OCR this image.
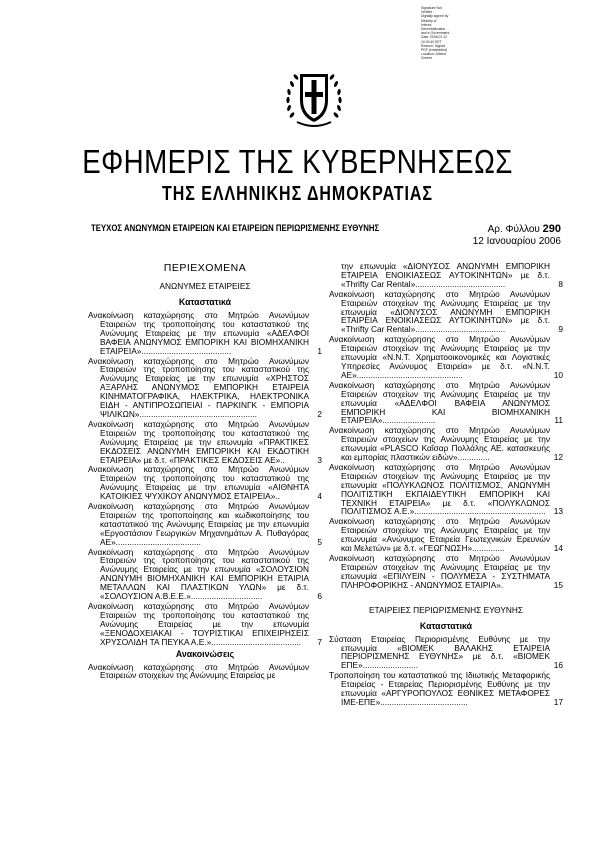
Signature Not
Verified
Digitally signed by
Ministry of
Interior,
Decentralization
and e-Government
Date: 2006.01.12
10:34:40 EET
Reason: Signed
PDF (embedded)
Location: Athens
Greece
ΕΦΗΜΕΡΙΣ ΤΗΣ ΚΥΒΕΡΝΗΣΕΩΣ
ΤΗΣ ΕΛΛΗΝΙΚΗΣ ΔΗΜΟΚΡΑΤΙΑΣ
ΤΕΥΧΟΣ ΑΝΩΝΥΜΩΝ ΕΤΑΙΡΕΙΩΝ ΚΑΙ ΕΤΑΙΡΕΙΩΝ ΠΕΡΙΩΡΙΣΜΕΝΗΣ ΕΥΘΥΝΗΣ	Αρ. Φύλλου 290
12 Ιανουαρίου 2006
ΠΕΡΙΕΧΟΜΕΝΑ
ΑΝΩΝΥΜΕΣ ΕΤΑΙΡΕΙΕΣ
Καταστατικά
Ανακοίνωση καταχώρησης στο Μητρώο Ανωνύμων Εταιρειών της τροποποίησης του καταστατικού της Ανώνυμης Εταιρείας με την επωνυμία «ΑΔΕΛΦΟΙ ΒΑΦΕΙΑ ΑΝΩΝΥΜΟΣ ΕΜΠΟΡΙΚΗ ΚΑΙ ΒΙΟΜΗΧΑΝΙΚΗ ΕΤΑΙΡΕΙΑ».......................................	1
Ανακοίνωση καταχώρησης στο Μητρώο Ανωνύμων Εταιρειών της τροποποίησης του καταστατικού της Ανώνυμης Εταιρείας με την επωνυμία «ΧΡΗΣΤΟΣ ΑΞΑΡΛΗΣ ΑΝΩΝΥΜΟΣ ΕΜΠΟΡΙΚΗ ΕΤΑΙΡΕΙΑ ΚΙΝΗΜΑΤΟΓΡΑΦΙΚΑ, ΗΛΕΚΤΡΙΚΑ, ΗΛΕΚΤΡΟΝΙΚΑ ΕΙΔΗ - ΑΝΤΙΠΡΟΣΩΠΕΙΑΙ - ΠΑΡΚΙΝΓΚ - ΕΜΠΟΡΙΑ ΨΙΛΙΚΩΝ»...................................................	2
Ανακοίνωση καταχώρησης στο Μητρώο Ανωνύμων Εταιρειών της τροποποίησης του καταστατικού της Ανώνυμης Εταιρείας με την επωνυμία «ΠΡΑΚΤΙΚΕΣ ΕΚΔΟΣΕΙΣ ΑΝΩΝΥΜΗ ΕΜΠΟΡΙΚΗ ΚΑΙ ΕΚΔΟΤΙΚΗ ΕΤΑΙΡΕΙΑ» με δ.τ. «ΠΡΑΚΤΙΚΕΣ ΕΚΔΟΣΕΙΣ ΑΕ»..	3
Ανακοίνωση καταχώρησης στο Μητρώο Ανωνύμων Εταιρειών της τροποποίησης του καταστατικού της Ανώνυμης Εταιρείας με την επωνυμία «ΑΙΘΝΗΤΑ ΚΑΤΟΙΚΙΕΣ ΨΥΧΙΚΟΥ ΑΝΩΝΥΜΟΣ ΕΤΑΙΡΕΙΑ»..	4
Ανακοίνωση καταχώρησης στο Μητρώο Ανωνύμων Εταιρειών της τροποποίησης και κωδικοποίησης του καταστατικού της Ανώνυμης Εταιρείας με την επωνυμία «Εργοστάσιον Γεωργικών Μηχανημάτων Α. Πυθαγόρας ΑΕ».....................................	5
Ανακοίνωση καταχώρησης στο Μητρώο Ανωνύμων Εταιρειών της τροποποίησης του καταστατικού της Ανώνυμης Εταιρείας με την επωνυμία «ΣΟΛΟΥΣΙΟΝ ΑΝΩΝΥΜΗ ΒΙΟΜΗΧΑΝΙΚΗ ΚΑΙ ΕΜΠΟΡΙΚΗ ΕΤΑΙΡΙΑ ΜΕΤΑΛΛΩΝ ΚΑΙ ΠΛΑΣΤΙΚΩΝ ΥΛΩΝ» με δ.τ. «ΣΟΛΟΥΣΙΟΝ Α.Β.Ε.Ε.»...............................	6
Ανακοίνωση καταχώρησης στο Μητρώο Ανωνύμων Εταιρειών της τροποποίησης του καταστατικού της Ανώνυμης Εταιρείας με την επωνυμία «ΞΕΝΟΔΟΧΕΙΑΚΑΙ - ΤΟΥΡΙΣΤΙΚΑΙ ΕΠΙΧΕΙΡΗΣΕΙΣ ΧΡΥΣΟΛΙΔΗ ΤΑ ΠΕΥΚΑ Α.Ε.»....................................... 7
Ανακοινώσεις
Ανακοίνωση καταχώρησης στο Μητρώο Ανωνύμων Εταιρειών στοιχείων της Ανώνυμης Εταιρείας με
την επωνυμία «ΔΙΟΝΥΣΟΣ ΑΝΩΝΥΜΗ ΕΜΠΟΡΙΚΗ ΕΤΑΙΡΕΙΑ ΕΝΟΙΚΙΑΣΕΩΣ ΑΥΤΟΚΙΝΗΤΩΝ» με δ.τ. «Thrifty Car Rental».......................................	8
Ανακοίνωση καταχώρησης στο Μητρώο Ανωνύμων Εταιρειών στοιχείων της Ανώνυμης Εταιρείας με την επωνυμία «ΔΙΟΝΥΣΟΣ ΑΝΩΝΥΜΗ ΕΜΠΟΡΙΚΗ ΕΤΑΙΡΕΙΑ ΕΝΟΙΚΙΑΣΕΩΣ ΑΥΤΟΚΙΝΗΤΩΝ» με δ.τ. «Thrifty Car Rental».......................................	9
Ανακοίνωση καταχώρησης στο Μητρώο Ανωνύμων Εταιρειών στοιχείων της Ανώνυμης Εταιρείας με την επωνυμία «Ν.Ν.Τ. Χρηματοοικονομικές και Λογιστικές Υπηρεσίες Ανώνυμος Εταιρεία» με δ.τ. «Ν.Ν.Τ. ΑΕ»..............................................	10
Ανακοίνωση καταχώρησης στο Μητρώο Ανωνύμων Εταιρειών στοιχείων της Ανώνυμης Εταιρείας με την επωνυμία «ΑΔΕΛΦΟΙ ΒΑΦΕΙΑ ΑΝΩΝΥΜΟΣ ΕΜΠΟΡΙΚΗ ΚΑΙ ΒΙΟΜΗΧΑΝΙΚΗ ΕΤΑΙΡΕΙΑ».......................	11
Ανακοίνωση καταχώρησης στο Μητρώο Ανωνύμων Εταιρειών στοιχείων της Ανώνυμης Εταιρείας με την επωνυμία «PLASCO Καΐσαρ Πολλάλης ΑΕ. κατασκευής και εμπορίας πλαστικών ειδών»..............	12
Ανακοίνωση καταχώρησης στο Μητρώο Ανωνύμων Εταιρειών στοιχείων της Ανώνυμης Εταιρείας με την επωνυμία «ΠΟΛΥΚΛΩΝΟΣ ΠΟΛΙΤΙΣΜΟΣ, ΑΝΩΝΥΜΗ ΠΟΛΙΤΙΣΤΙΚΗ ΕΚΠΑΙΔΕΥΤΙΚΗ ΕΜΠΟΡΙΚΗ ΚΑΙ ΤΕΧΝΙΚΗ ΕΤΑΙΡΕΙΑ» με δ.τ. «ΠΟΛΥΚΛΩΝΟΣ ΠΟΛΙΤΙΣΜΟΣ Α.Ε.»......................................................... 13
Ανακοίνωση καταχώρησης στο Μητρώο Ανωνύμων Εταιρειών στοιχείων της Ανώνυμης Εταιρείας με την επωνυμία «Ανώνυμος Εταιρεία Γεωτεχνικών Ερευνών και Μελετών» με δ.τ. «ΓΕΩΓΝΩΣΗ»..............	14
Ανακοίνωση καταχώρησης στο Μητρώο Ανωνύμων Εταιρειών στοιχείων της Ανώνυμης Εταιρείας με την επωνυμία «ΕΠΙΛΥΕΙΝ - ΠΟΛΥΜΕΣΑ - ΣΥΣΤΗΜΑΤΑ ΠΛΗΡΟΦΟΡΙΚΗΣ - ΑΝΩΝΥΜΟΣ ΕΤΑΙΡΙΑ».	15
ΕΤΑΙΡΕΙΕΣ ΠΕΡΙΩΡΙΣΜΕΝΗΣ ΕΥΘΥΝΗΣ
Καταστατικά
Σύσταση Εταιρείας Περιορισμένης Ευθύνης με την επωνυμία «ΒΙΟΜΕΚ ΒΑΛΑΚΗΣ ΕΤΑΙΡΕΙΑ ΠΕΡΙΟΡΙΣΜΕΝΗΣ ΕΥΘΥΝΗΣ» με δ.τ. «ΒΙΟΜΕΚ ΕΠΕ»........................	16
Τροποποίηση του καταστατικού της Ιδιωτικής Μεταφορικής Εταιρείας - Εταιρείας Περιορισμένης Ευθύνης με την επωνυμία «ΑΡΓΥΡΟΠΟΥΛΟΣ ΕΘΝΙΚΕΣ ΜΕΤΑΦΟΡΕΣ ΙΜΕ-ΕΠΕ»......................................	17
